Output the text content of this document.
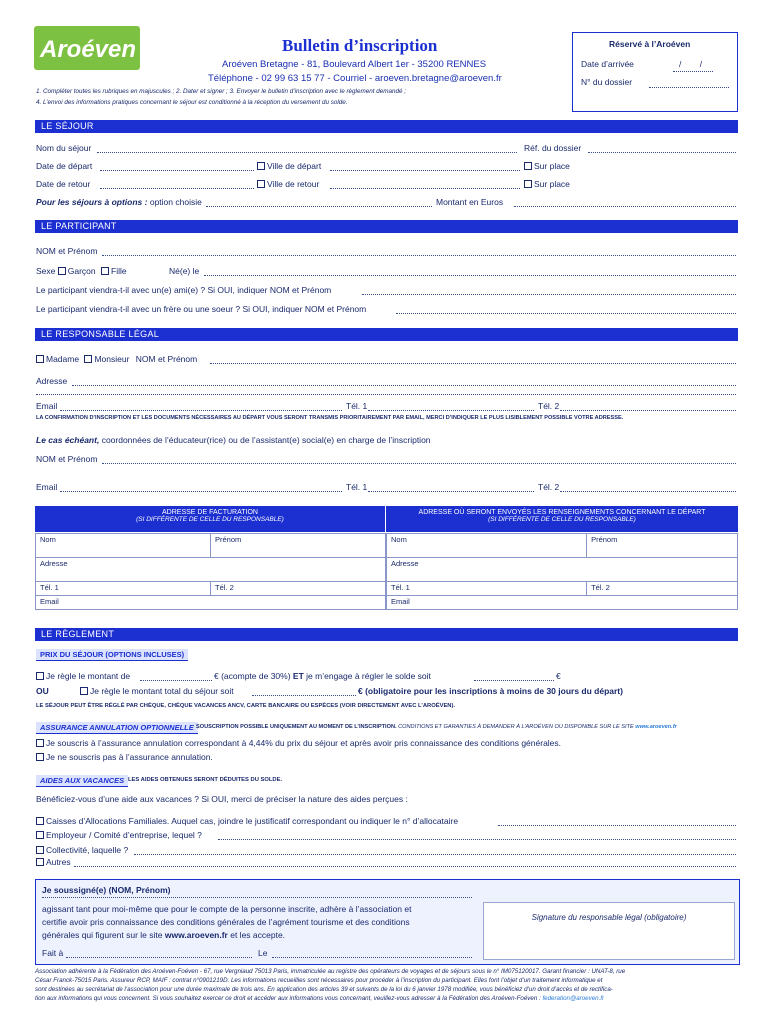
Aroéven	Bulletin d’inscription
Aroéven Bretagne - 81, Boulevard Albert 1er - 35200 RENNES
Téléphone - 02 99 63 15 77 - Courriel - aroeven.bretagne@aroeven.fr
1. Compléter toutes les rubriques en majuscules ; 2. Dater et signer ; 3. Envoyer le bulletin d’inscription avec le règlement demandé ;
4. L’envoi des informations pratiques concernant le séjour est conditionné à la réception du versement du solde.
Réservé à l’Aroéven
Date d’arrivée	/ /
N° du dossier
LE SÉJOUR
Nom du séjour	Réf. du dossier
Date de départ	Ville de départ	Sur place
Date de retour	Ville de retour	Sur place
Pour les séjours à options : option choisie	Montant en Euros
LE PARTICIPANT
NOM et Prénom
Sexe Garçon Fille	Né(e) le
Le participant viendra-t-il avec un(e) ami(e) ? Si OUI, indiquer NOM et Prénom
Le participant viendra-t-il avec un frère ou une soeur ? Si OUI, indiquer NOM et Prénom
LE RESPONSABLE LÉGAL
Madame Monsieur NOM et Prénom
Adresse
Email	Tél. 1	Tél. 2
LA CONFIRMATION D’INSCRIPTION ET LES DOCUMENTS NÉCESSAIRES AU DÉPART VOUS SERONT TRANSMIS PRIORITAIREMENT PAR EMAIL, MERCI D’INDIQUER LE PLUS LISIBLEMENT POSSIBLE VOTRE ADRESSE.
Le cas échéant, coordonnées de l’éducateur(rice) ou de l’assistant(e) social(e) en charge de l’inscription
NOM et Prénom
Email	Tél. 1	Tél. 2
ADRESSE DE FACTURATION
(SI DIFFÉRENTE DE CELLE DU RESPONSABLE)
ADRESSE OÙ SERONT ENVOYÉS LES RENSEIGNEMENTS CONCERNANT LE DÉPART
(SI DIFFÉRENTE DE CELLE DU RESPONSABLE)
Nom	Prénom
Adresse	
Tél. 1	Tél. 2
Email	
Nom	Prénom
Adresse	
Tél. 1	Tél. 2
Email	
LE RÈGLEMENT
PRIX DU SÉJOUR (OPTIONS INCLUSES)
Je règle le montant de	€ (acompte de 30%) ET je m’engage à régler le solde soit	€
OU	Je règle le montant total du séjour soit	€ (obligatoire pour les inscriptions à moins de 30 jours du départ)
LE SÉJOUR PEUT ÊTRE RÉGLÉ PAR CHÈQUE, CHÈQUE VACANCES ANCV, CARTE BANCAIRE OU ESPÈCES (VOIR DIRECTEMENT AVEC L’AROÉVEN).
ASSURANCE ANNULATION OPTIONNELLE SOUSCRIPTION POSSIBLE UNIQUEMENT AU MOMENT DE L’INSCRIPTION. CONDITIONS ET GARANTIES À DEMANDER À L’AROÉVEN OU DISPONIBLE SUR LE SITE www.aroeven.fr
Je souscris à l’assurance annulation correspondant à 4,44% du prix du séjour et après avoir pris connaissance des conditions générales.
Je ne souscris pas à l’assurance annulation.
AIDES AUX VACANCES LES AIDES OBTENUES SERONT DÉDUITES DU SOLDE.
Bénéficiez-vous d’une aide aux vacances ? Si OUI, merci de préciser la nature des aides perçues :
Caisses d’Allocations Familiales. Auquel cas, joindre le justificatif correspondant ou indiquer le n° d’allocataire
Employeur / Comité d’entreprise, lequel ?
Collectivité, laquelle ?
Autres
Je soussigné(e) (NOM, Prénom)
agissant tant pour moi-même que pour le compte de la personne inscrite, adhère à l’association et
certifie avoir pris connaissance des conditions générales de l’agrément tourisme et des conditions
générales qui figurent sur le site www.aroeven.fr et les accepte.
Fait à	Le
Signature du responsable légal (obligatoire)
Association adhérente à la Fédération des Aroéven-Foéven - 67, rue Vergniaud 75013 Paris, immatriculée au registre des opérateurs de voyages et de séjours sous le n° IM075120017. Garant financier : UNAT-8, rue
César Franck-75015 Paris. Assureur RCP, MAIF : contrat n°0901219D. Les informations recueillies sont nécessaires pour procéder à l’inscription du participant. Elles font l’objet d’un traitement informatique et
sont destinées au secrétariat de l’association pour une durée maximale de trois ans. En application des articles 39 et suivants de la loi du 6 janvier 1978 modifiée, vous bénéficiez d’un droit d’accès et de rectifica-
tion aux informations qui vous concernent. Si vous souhaitez exercer ce droit et accéder aux informations vous concernant, veuillez-vous adresser à la Fédération des Aroéven-Foéven : federation@aroeven.fr
